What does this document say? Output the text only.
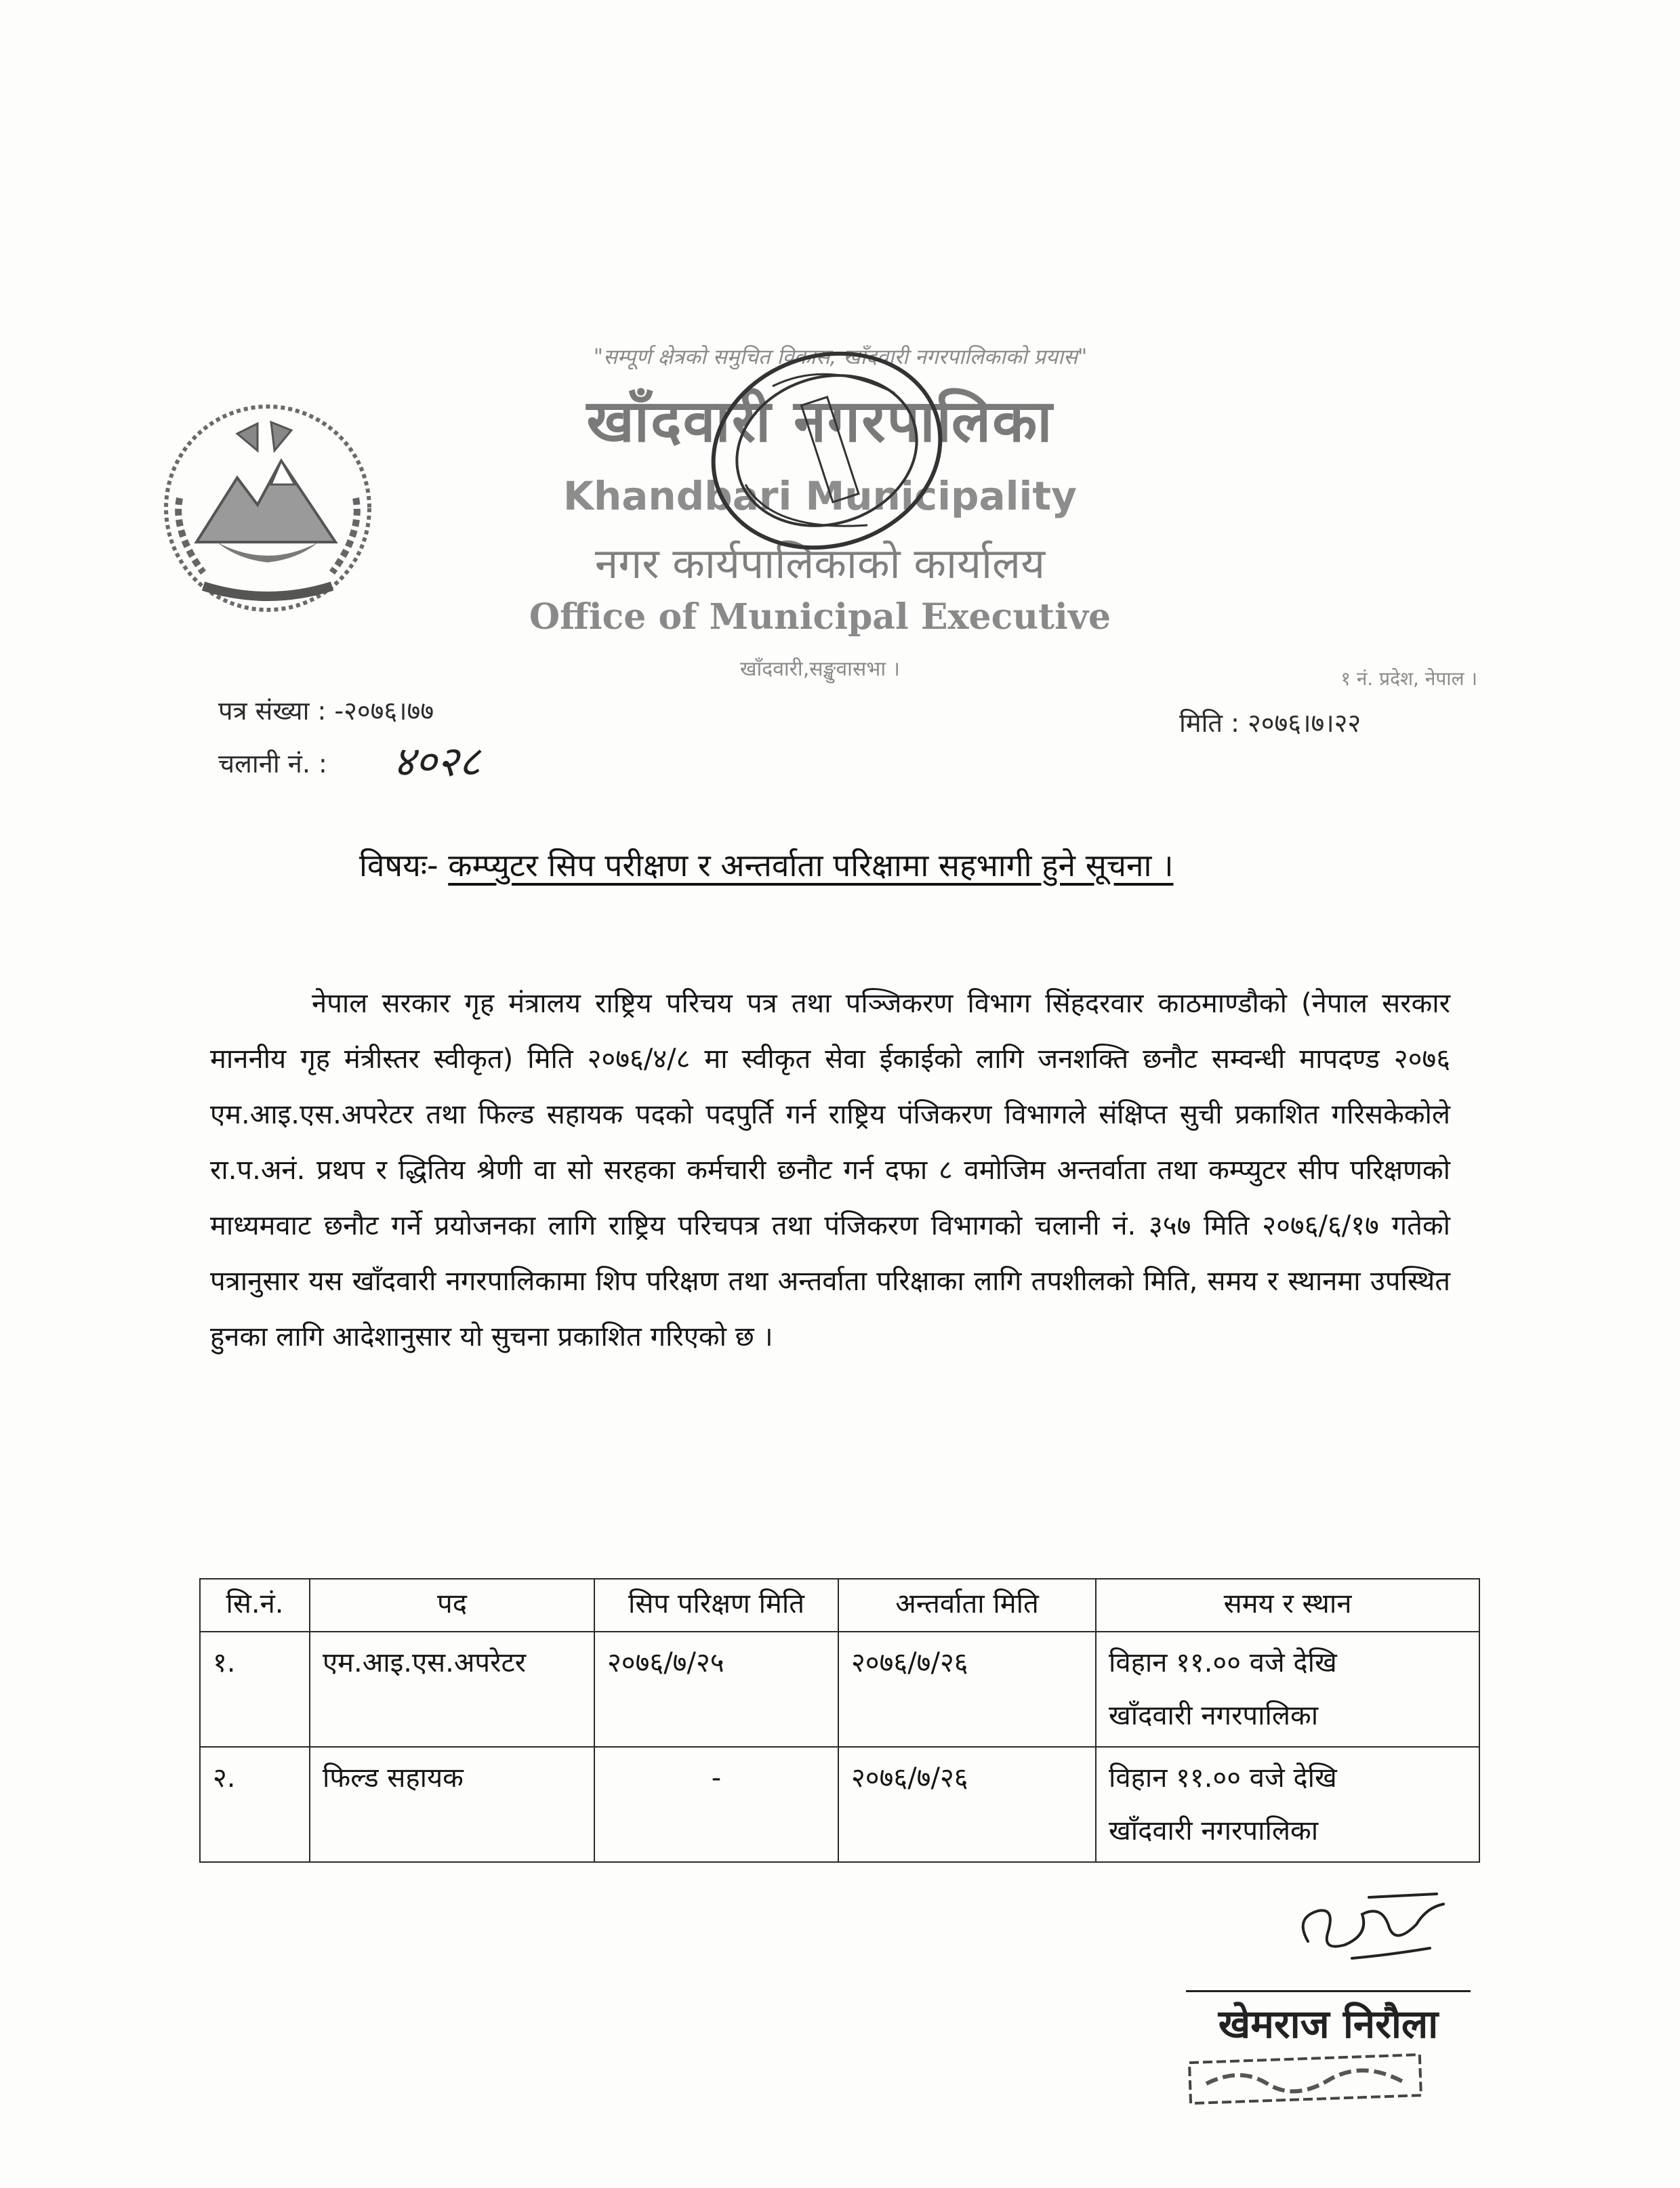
"सम्पूर्ण क्षेत्रको समुचित विकास, खाँदवारी नगरपालिकाको प्रयास"
खाँदवारी नगरपालिका
Khandbari Municipality
नगर कार्यपालिकाको कार्यालय
Office of Municipal Executive
खाँदवारी,सङ्खुवासभा ।	१ नं. प्रदेश, नेपाल ।
पत्र संख्या : -२०७६।७७
चलानी नं. : ४०२८
मिति : २०७६।७।२२
विषयः- कम्प्युटर सिप परीक्षण र अन्तर्वाता परिक्षामा सहभागी हुने सूचना ।
नेपाल सरकार गृह मंत्रालय राष्ट्रिय परिचय पत्र तथा पञ्जिकरण विभाग सिंहदरवार काठमाण्डौको (नेपाल सरकार माननीय गृह मंत्रीस्तर स्वीकृत) मिति २०७६/४/८ मा स्वीकृत सेवा ईकाईको लागि जनशक्ति छनौट सम्वन्धी मापदण्ड २०७६ एम.आइ.एस.अपरेटर तथा फिल्ड सहायक पदको पदपुर्ति गर्न राष्ट्रिय पंजिकरण विभागले संक्षिप्त सुची प्रकाशित गरिसकेकोले रा.प.अनं. प्रथप र द्धितिय श्रेणी वा सो सरहका कर्मचारी छनौट गर्न दफा ८ वमोजिम अन्तर्वाता तथा कम्प्युटर सीप परिक्षणको माध्यमवाट छनौट गर्ने प्रयोजनका लागि राष्ट्रिय परिचपत्र तथा पंजिकरण विभागको चलानी नं. ३५७ मिति २०७६/६/१७ गतेको पत्रानुसार यस खाँदवारी नगरपालिकामा शिप परिक्षण तथा अन्तर्वाता परिक्षाका लागि तपशीलको मिति, समय र स्थानमा उपस्थित हुनका लागि आदेशानुसार यो सुचना प्रकाशित गरिएको छ ।
सि.नं.	पद	सिप परिक्षण मिति	अन्तर्वाता मिति	समय र स्थान
१.	एम.आइ.एस.अपरेटर	२०७६/७/२५	२०७६/७/२६	विहान ११.०० वजे देखि
खाँदवारी नगरपालिका

२.	फिल्ड सहायक	-	२०७६/७/२६	विहान ११.०० वजे देखि
खाँदवारी नगरपालिका
खेमराज निरौला
